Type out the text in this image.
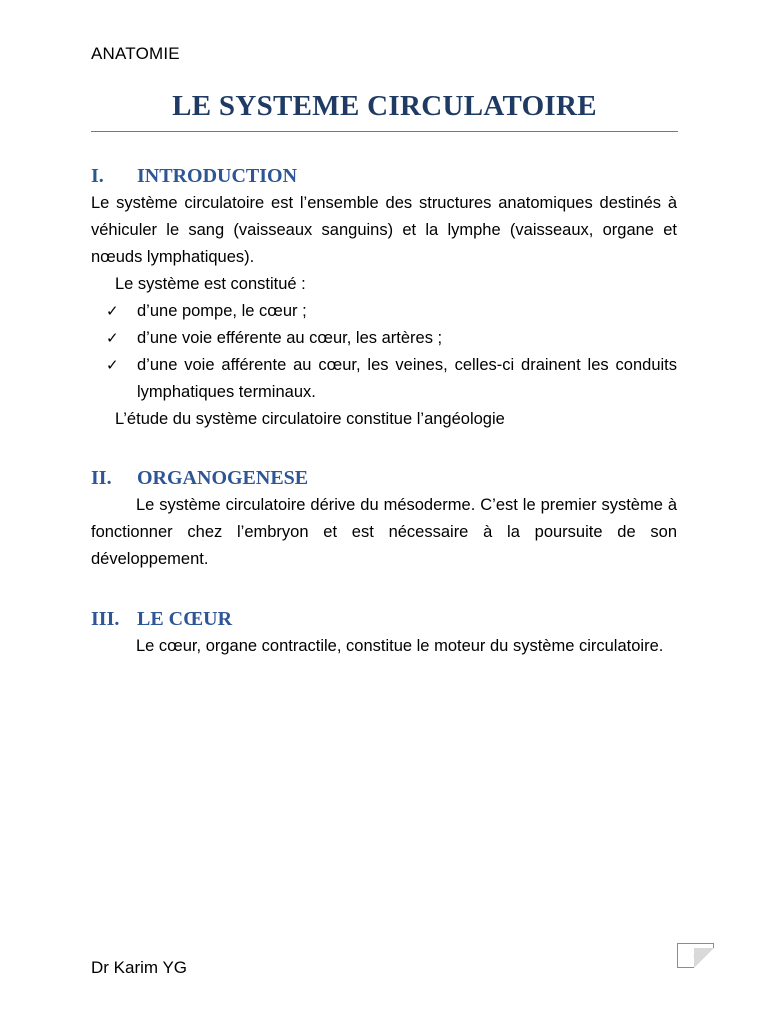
ANATOMIE
LE SYSTEME CIRCULATOIRE
I.	INTRODUCTION

Le système circulatoire est l’ensemble des structures anatomiques destinés à véhiculer le sang (vaisseaux sanguins) et la lymphe (vaisseaux, organe et nœuds lymphatiques).

Le système est constitué :

✓	d’une pompe, le cœur ;
✓	d’une voie efférente au cœur, les artères ;
✓	d’une voie afférente au cœur, les veines, celles-ci drainent les conduits lymphatiques terminaux.

L’étude du système circulatoire constitue l’angéologie

II.	ORGANOGENESE

Le système circulatoire dérive du mésoderme. C’est le premier système à fonctionner chez l’embryon et est nécessaire à la poursuite de son développement.

III. LE CŒUR

Le cœur, organe contractile, constitue le moteur du système circulatoire.

Dr Karim YG
1
